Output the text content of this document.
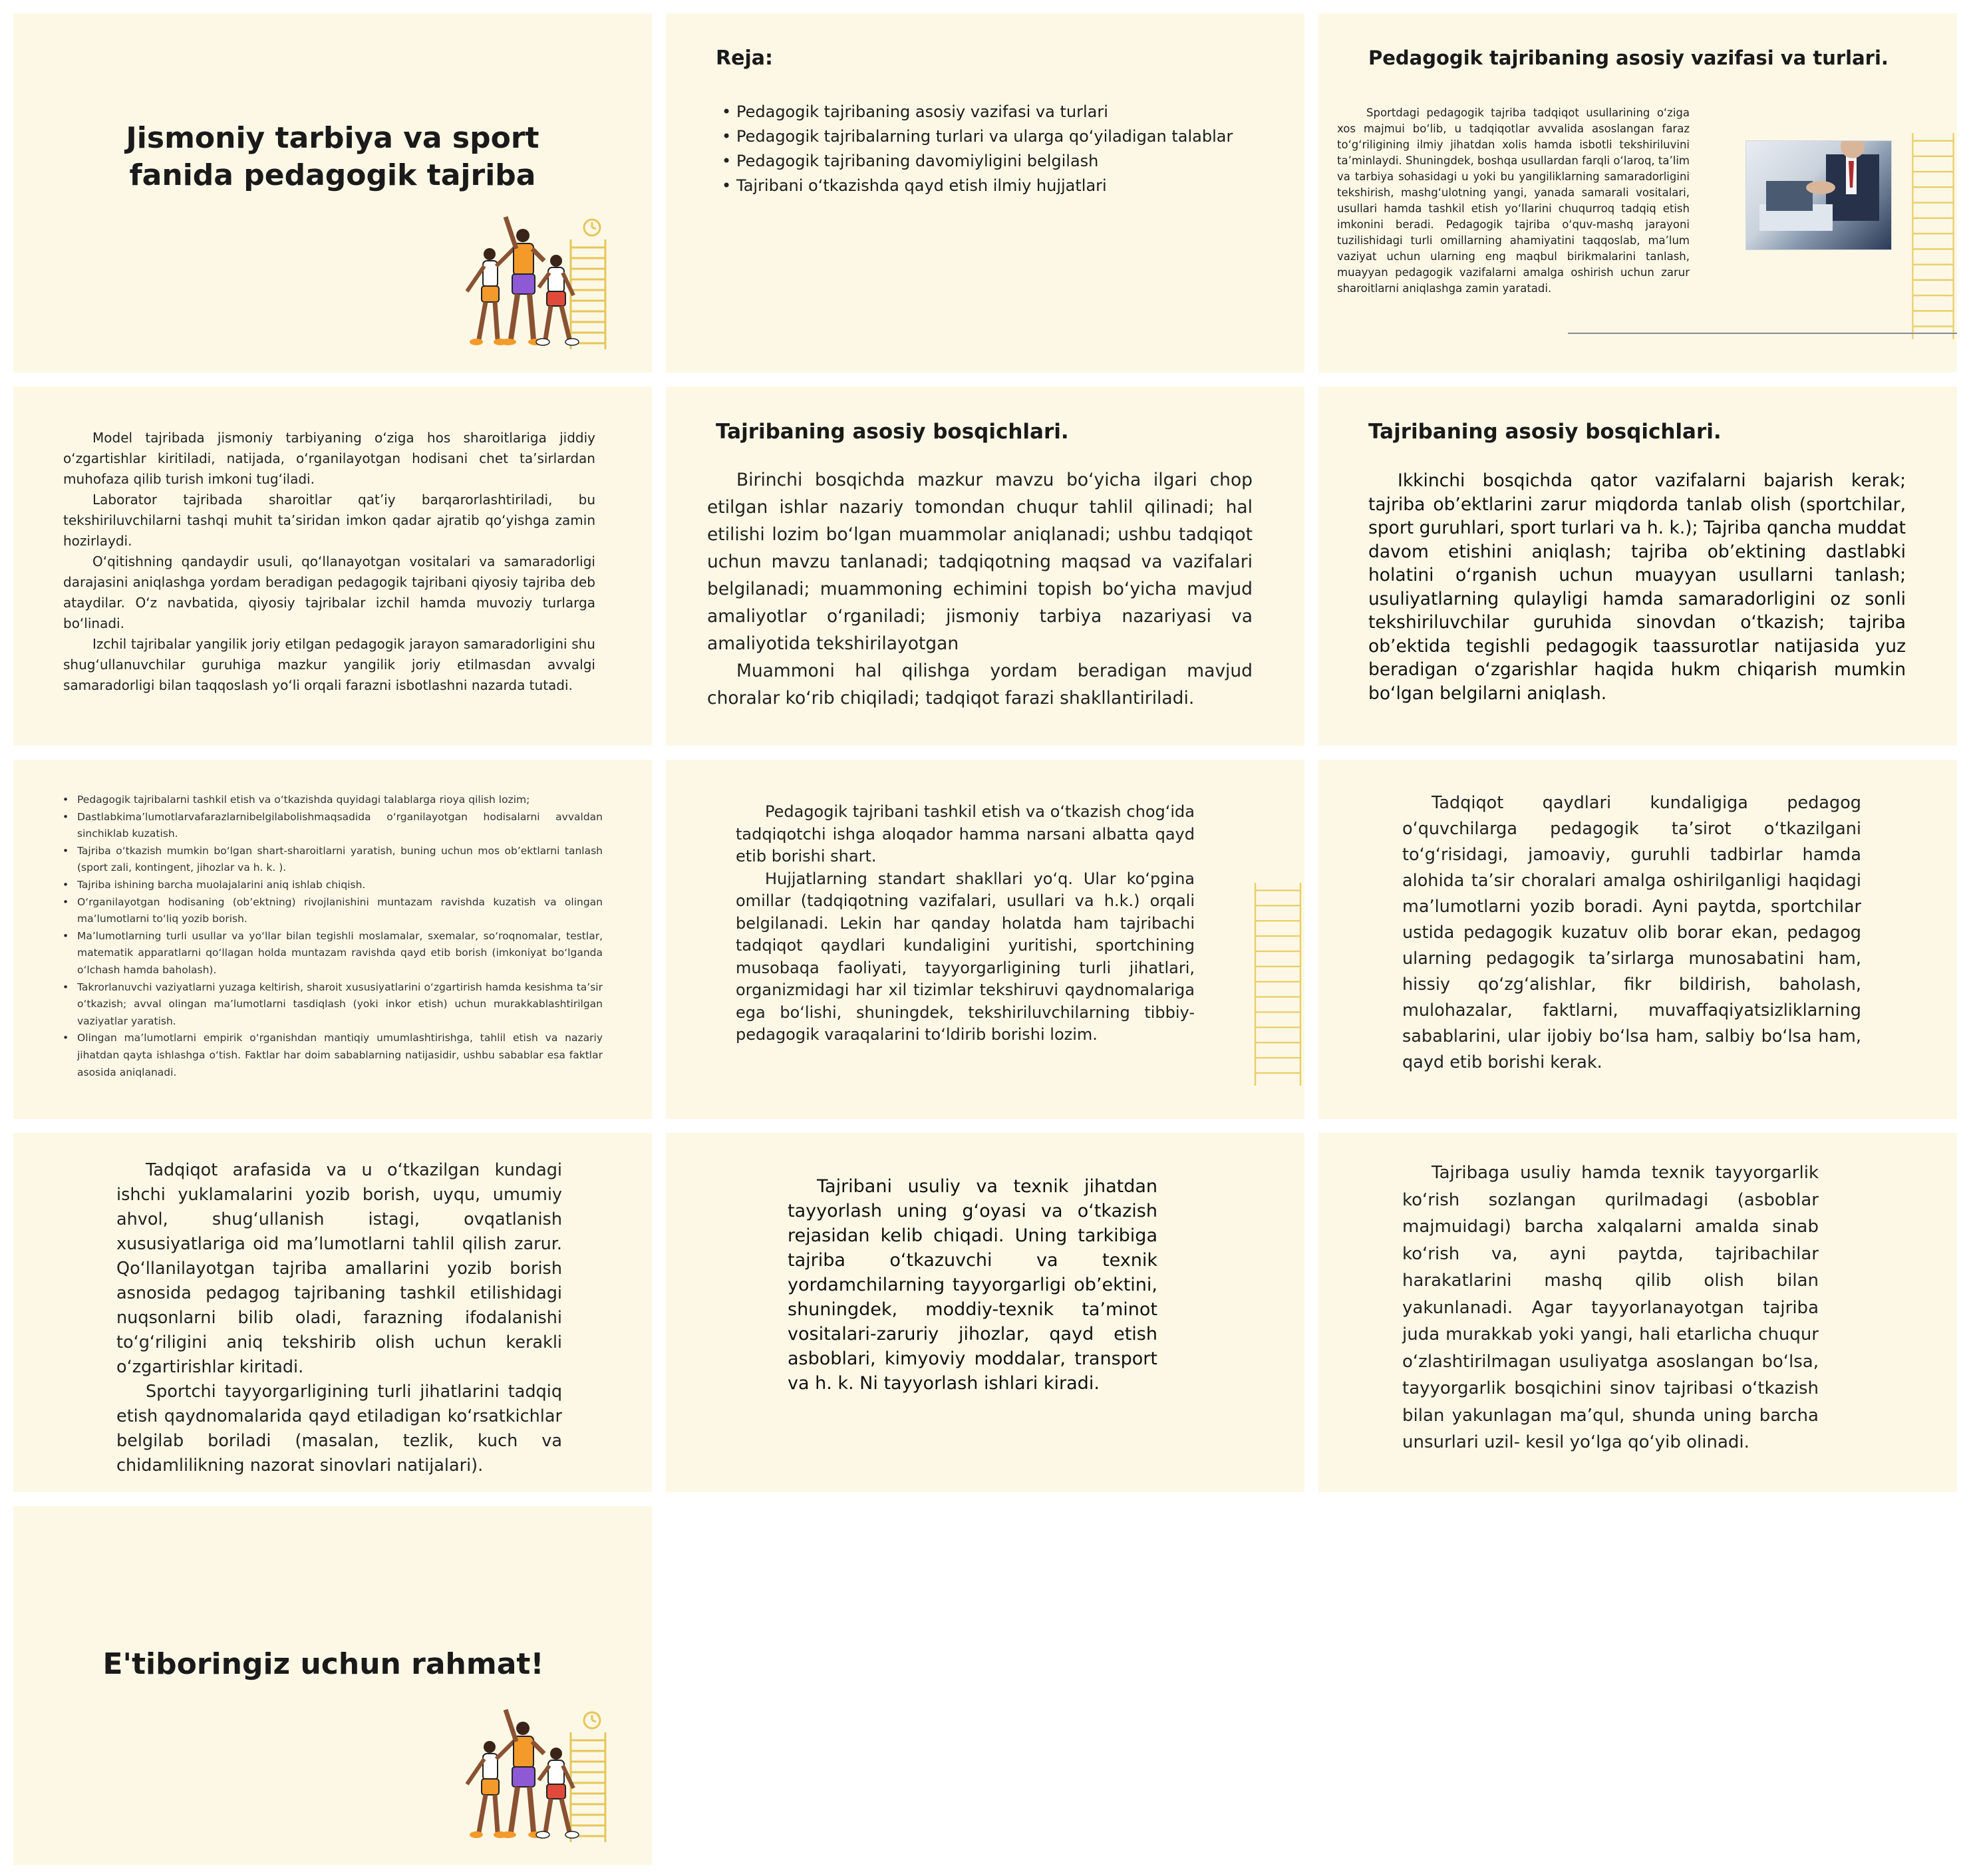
Jismoniy tarbiya va sport
fanida pedagogik tajriba
Reja:
• Pedagogik tajribaning asosiy vazifasi va turlari
• Pedagogik tajribalarning turlari va ularga qo‘yiladigan talablar
• Pedagogik tajribaning davomiyligini belgilash
• Tajribani o‘tkazishda qayd etish ilmiy hujjatlari
Pedagogik tajribaning asosiy vazifasi va turlari.

Sportdagi pedagogik tajriba tadqiqot usullarining o‘ziga xos majmui bo‘lib, u tadqiqotlar avvalida asoslangan faraz to‘g‘riligining ilmiy jihatdan xolis hamda isbotli tekshiriluvini ta’minlaydi. Shuningdek, boshqa usullardan farqli o‘laroq, ta’lim va tarbiya sohasidagi u yoki bu yangiliklarning samaradorligini tekshirish, mashg‘ulotning yangi, yanada samarali vositalari, usullari hamda tashkil etish yo‘llarini chuqurroq tadqiq etish imkonini beradi. Pedagogik tajriba o‘quv-mashq jarayoni tuzilishidagi turli omillarning ahamiyatini taqqoslab, ma’lum vaziyat uchun ularning eng maqbul birikmalarini tanlash, muayyan pedagogik vazifalarni amalga oshirish uchun zarur sharoitlarni aniqlashga zamin yaratadi.

Model tajribada jismoniy tarbiyaning o‘ziga hos sharoitlariga jiddiy o‘zgartishlar kiritiladi, natijada, o‘rganilayotgan hodisani chet ta’sirlardan muhofaza qilib turish imkoni tug‘iladi.

Laborator tajribada sharoitlar qat’iy barqarorlashtiriladi, bu tekshiriluvchilarni tashqi muhit ta’siridan imkon qadar ajratib qo‘yishga zamin hozirlaydi.

O‘qitishning qandaydir usuli, qo‘llanayotgan vositalari va samaradorligi darajasini aniqlashga yordam beradigan pedagogik tajribani qiyosiy tajriba deb ataydilar. O‘z navbatida, qiyosiy tajribalar izchil hamda muvoziy turlarga bo‘linadi.

Izchil tajribalar yangilik joriy etilgan pedagogik jarayon samaradorligini shu shug‘ullanuvchilar guruhiga mazkur yangilik joriy etilmasdan avvalgi samaradorligi bilan taqqoslash yo‘li orqali farazni isbotlashni nazarda tutadi.

Tajribaning asosiy bosqichlari.

Birinchi bosqichda mazkur mavzu bo‘yicha ilgari chop etilgan ishlar nazariy tomondan chuqur tahlil qilinadi; hal etilishi lozim bo‘lgan muammolar aniqlanadi; ushbu tadqiqot uchun mavzu tanlanadi; tadqiqotning maqsad va vazifalari belgilanadi; muammoning echimini topish bo‘yicha mavjud amaliyotlar o‘rganiladi; jismoniy tarbiya nazariyasi va amaliyotida tekshirilayotgan

Muammoni hal qilishga yordam beradigan mavjud choralar ko‘rib chiqiladi; tadqiqot farazi shakllantiriladi.

Tajribaning asosiy bosqichlari.

Ikkinchi bosqichda qator vazifalarni bajarish kerak; tajriba ob’ektlarini zarur miqdorda tanlab olish (sportchilar, sport guruhlari, sport turlari va h. k.); Tajriba qancha muddat davom etishini aniqlash; tajriba ob’ektining dastlabki holatini o‘rganish uchun muayyan usullarni tanlash; usuliyatlarning qulayligi hamda samaradorligini oz sonli tekshiriluvchilar guruhida sinovdan o‘tkazish; tajriba ob’ektida tegishli pedagogik taassurotlar natijasida yuz beradigan o‘zgarishlar haqida hukm chiqarish mumkin bo‘lgan belgilarni aniqlash.

• Pedagogik tajribalarni tashkil etish va o‘tkazishda quyidagi talablarga rioya qilish lozim;
• Dastlabkima’lumotlarvafarazlarnibelgilabolishmaqsadida o‘rganilayotgan hodisalarni avvaldan sinchiklab kuzatish.
• Tajriba o‘tkazish mumkin bo‘lgan shart-sharoitlarni yaratish, buning uchun mos ob’ektlarni tanlash (sport zali, kontingent, jihozlar va h. k. ).
• Tajriba ishining barcha muolajalarini aniq ishlab chiqish.
• O‘rganilayotgan hodisaning (ob’ektning) rivojlanishini muntazam ravishda kuzatish va olingan ma’lumotlarni to‘liq yozib borish.
• Ma’lumotlarning turli usullar va yo‘llar bilan tegishli moslamalar, sxemalar, so‘roqnomalar, testlar, matematik apparatlarni qo‘llagan holda muntazam ravishda qayd etib borish (imkoniyat bo‘lganda o‘lchash hamda baholash).
• Takrorlanuvchi vaziyatlarni yuzaga keltirish, sharoit xususiyatlarini o‘zgartirish hamda kesishma ta’sir o‘tkazish; avval olingan ma’lumotlarni tasdiqlash (yoki inkor etish) uchun murakkablashtirilgan vaziyatlar yaratish.
• Olingan ma’lumotlarni empirik o‘rganishdan mantiqiy umumlashtirishga, tahlil etish va nazariy jihatdan qayta ishlashga o‘tish. Faktlar har doim sabablarning natijasidir, ushbu sabablar esa faktlar asosida aniqlanadi.

Pedagogik tajribani tashkil etish va o‘tkazish chog‘ida tadqiqotchi ishga aloqador hamma narsani albatta qayd etib borishi shart.

Hujjatlarning standart shakllari yo‘q. Ular ko‘pgina omillar (tadqiqotning vazifalari, usullari va h.k.) orqali belgilanadi. Lekin har qanday holatda ham tajribachi tadqiqot qaydlari kundaligini yuritishi, sportchining musobaqa faoliyati, tayyorgarligining turli jihatlari, organizmidagi har xil tizimlar tekshiruvi qaydnomalariga ega bo‘lishi, shuningdek, tekshiriluvchilarning tibbiy-pedagogik varaqalarini to‘ldirib borishi lozim.

Tadqiqot qaydlari kundaligiga pedagog o‘quvchilarga pedagogik ta’sirot o‘tkazilgani to‘g‘risidagi, jamoaviy, guruhli tadbirlar hamda alohida ta’sir choralari amalga oshirilganligi haqidagi ma’lumotlarni yozib boradi. Ayni paytda, sportchilar ustida pedagogik kuzatuv olib borar ekan, pedagog ularning pedagogik ta’sirlarga munosabatini ham, hissiy qo‘zg‘alishlar, fikr bildirish, baholash, mulohazalar, faktlarni, muvaffaqiyatsizliklarning sabablarini, ular ijobiy bo‘lsa ham, salbiy bo‘lsa ham, qayd etib borishi kerak.

Tadqiqot arafasida va u o‘tkazilgan kundagi ishchi yuklamalarini yozib borish, uyqu, umumiy ahvol, shug‘ullanish istagi, ovqatlanish xususiyatlariga oid ma’lumotlarni tahlil qilish zarur. Qo‘llanilayotgan tajriba amallarini yozib borish asnosida pedagog tajribaning tashkil etilishidagi nuqsonlarni bilib oladi, farazning ifodalanishi to‘g‘riligini aniq tekshirib olish uchun kerakli o‘zgartirishlar kiritadi.

Sportchi tayyorgarligining turli jihatlarini tadqiq etish qaydnomalarida qayd etiladigan ko‘rsatkichlar belgilab boriladi (masalan, tezlik, kuch va chidamlilikning nazorat sinovlari natijalari).

Tajribani usuliy va texnik jihatdan tayyorlash uning g‘oyasi va o‘tkazish rejasidan kelib chiqadi. Uning tarkibiga tajriba o‘tkazuvchi va texnik yordamchilarning tayyorgarligi ob’ektini, shuningdek, moddiy-texnik ta’minot vositalari-zaruriy jihozlar, qayd etish asboblari, kimyoviy moddalar, transport va h. k. Ni tayyorlash ishlari kiradi.

Tajribaga usuliy hamda texnik tayyorgarlik ko‘rish sozlangan qurilmadagi (asboblar majmuidagi) barcha xalqalarni amalda sinab ko‘rish va, ayni paytda, tajribachilar harakatlarini mashq qilib olish bilan yakunlanadi. Agar tayyorlanayotgan tajriba juda murakkab yoki yangi, hali etarlicha chuqur o‘zlashtirilmagan usuliyatga asoslangan bo‘lsa, tayyorgarlik bosqichini sinov tajribasi o‘tkazish bilan yakunlagan ma’qul, shunda uning barcha unsurlari uzil- kesil yo‘lga qo‘yib olinadi.

E'tiboringiz uchun rahmat!
